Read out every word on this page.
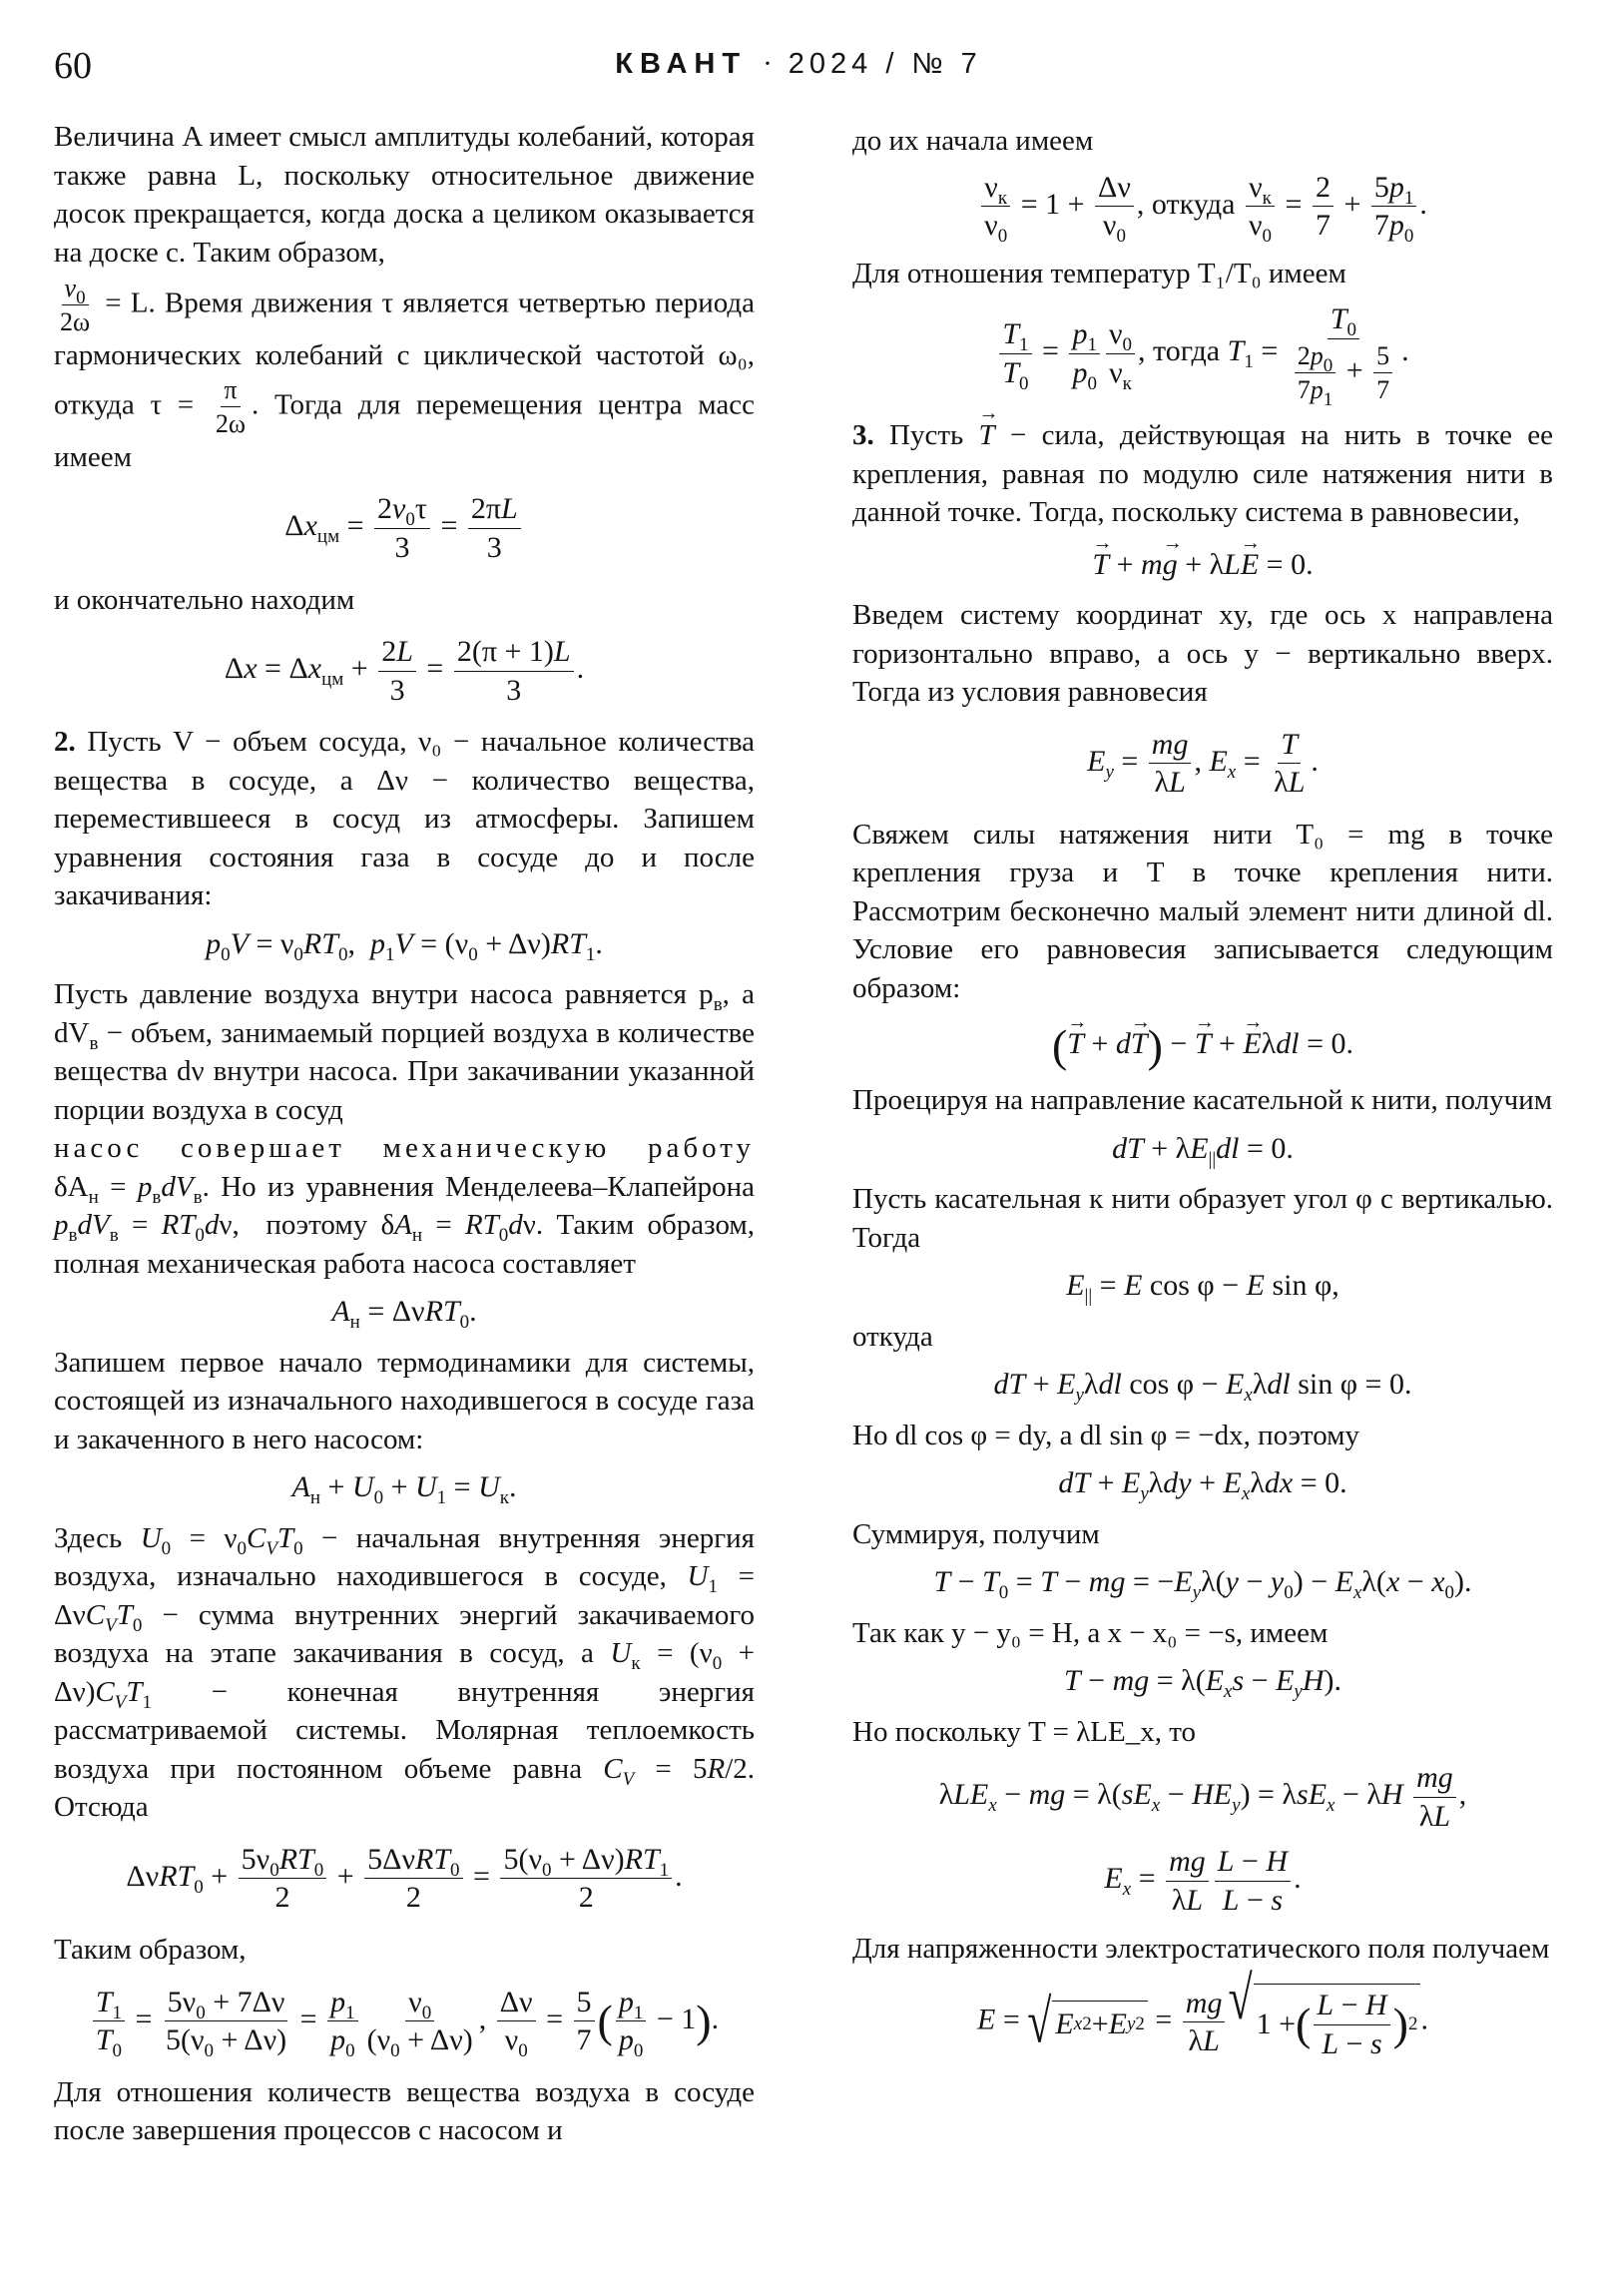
60	КВАНТ · 2024 / № 7

Величина A имеет смысл амплитуды колебаний, которая также равна L, поскольку относительное движение досок прекращается, когда доска a целиком оказывается на доске c. Таким образом,

$\frac{v_0}{2\omega} = L$. Время движения τ является четвертью периода гармонических колебаний с циклической частотой ω₀, откуда $\tau = \frac{\pi}{2\omega}$ . Тогда для перемещения центра масс имеем

$\Delta x_{цм} = \frac{2v_0\tau}{3} = \frac{2\pi L}{3}$

и окончательно находим

$\Delta x = \Delta x_{цм} + \frac{2L}{3} = \frac{2(\pi + 1)L}{3}$ .

2. Пусть V − объем сосуда, ν₀ − начальное количества вещества в сосуде, а Δν − количество вещества, переместившееся в сосуд из атмосферы. Запишем уравнения состояния газа в сосуде до и после закачивания:

$p_0V = \nu_0RT_0$,  $p_1V = (\nu_0 + \Delta\nu)RT_1$.

Пусть давление воздуха внутри насоса равняется $p_в$, а $dV_в$ − объем, занимаемый порцией воздуха в количестве вещества dν внутри насоса. При закачивании указанной порции воздуха в сосуд

насос совершает механическую работу

$\delta A_н = p_вdV_в$. Но из уравнения Менделеева–Клапейрона $p_вdV_в = RT_0d\nu$,  поэтому $\delta A_н = RT_0d\nu$. Таким образом, полная механическая работа насоса составляет

$A_н = \Delta\nu RT_0$.

Запишем первое начало термодинамики для системы, состоящей из изначального находившегося в сосуде газа и закаченного в него насосом:

$A_н + U_0 + U_1 = U_к$.

Здесь $U_0 = \nu_0C_VT_0$ − начальная внутренняя энергия воздуха, изначально находившегося в сосуде, $U_1 = \Delta\nu C_VT_0$ − сумма внутренних энергий закачиваемого воздуха на этапе закачивания в сосуд, а $U_к = (\nu_0 + \Delta\nu)C_VT_1$ − конечная внутренняя энергия рассматриваемой системы. Молярная теплоемкость воздуха при постоянном объеме равна $C_V = 5R/2$. Отсюда

$\Delta\nu RT_0 + \frac{5\nu_0RT_0}{2}$ +
5ΔνRT$_0$
2
= $\frac{5(\nu_0 + \Delta\nu)RT_1}{2}$ .

Таким образом,

$\frac{T_1}{T_0} = \frac{5\nu_0 + 7\Delta\nu}{5(\nu_0 + \Delta\nu)} = \frac{p_1}{p_0} \frac{\nu_0}{(\nu_0 + \Delta\nu)}$ , $\frac{\Delta\nu}{\nu_0} = \frac{5}{7}$ ( $\frac{p_1}{p_0} - 1$).

Для отношения количеств вещества воздуха в сосуде после завершения процессов с насосом и

до их начала имеем

$\nu_к$
$\nu_0$
= $1 + \frac{\Delta\nu}{\nu_0}$ , откуда
$\nu_к$
$\nu_0$
= $\frac{2}{7} + \frac{5p_1}{7p_0}$ .

Для отношения температур T₁/T₀ имеем

$\frac{T_1}{T_0} = \frac{p_1}{p_0} \nu_0$
$\nu_к$
, тогда $T_1 = \frac{T_0}{\frac{2p_0}{7p_1} + \frac{5}{7}}$ .

3. Пусть → T − сила, действующая на нить в точке ее крепления, равная по модулю силе натяжения нити в данной точке. Тогда, поскольку система в равновесии,

→ T + m→ g + λL→ E = 0.

Введем систему координат xy, где ось x направлена горизонтально вправо, а ось y − вертикально вверх. Тогда из условия равновесия

$E_y = \frac{mg}{\lambda L}$ , $E_x = \frac{T}{\lambda L}$ .

Свяжем силы натяжения нити T₀ = mg в точке крепления груза и T в точке крепления нити. Рассмотрим бесконечно малый элемент нити длиной dl. Условие его равновесия записывается следующим образом:

(→ T + d→ T) − → T + → Eλdl = 0.

Проецируя на направление касательной к нити, получим

dT + $\lambda E_{||}dl = 0$.

Пусть касательная к нити образует угол φ с вертикалью. Тогда

$E_{||} = E$ cos φ − E sin φ,

откуда

dT + $E_y\lambda dl$ $\cos \varphi - E_x\lambda dl$ sin φ = 0.

Но dl cos φ = dy, а dl sin φ = −dx, поэтому

dT + $E_y\lambda dy + E_x\lambda dx = 0$.

Суммируя, получим

$T - T_0 = T$ − mg = $-E_y\lambda(y - y_0) - E_x\lambda(x - x_0)$.

Так как y − y₀ = H, а x − x₀ = −s, имеем

T − mg = $\lambda(E_xs - E_yH)$.

Но поскольку T = λLE_x, то

λLE$_x$ − mg = $\lambda(sE_x - HE_y) = \lambda sE_x - \lambda H \frac{mg}{\lambda L}$ ,
$E_x = \frac{mg}{\lambda L} \frac{L - H}{L - s}$ .

Для напряженности электростатического поля получаем

E = √ E x 2 + E y $2 = \frac{mg}{\lambda L}$ √ 1 + ( L − H
L − s ) 2 .
